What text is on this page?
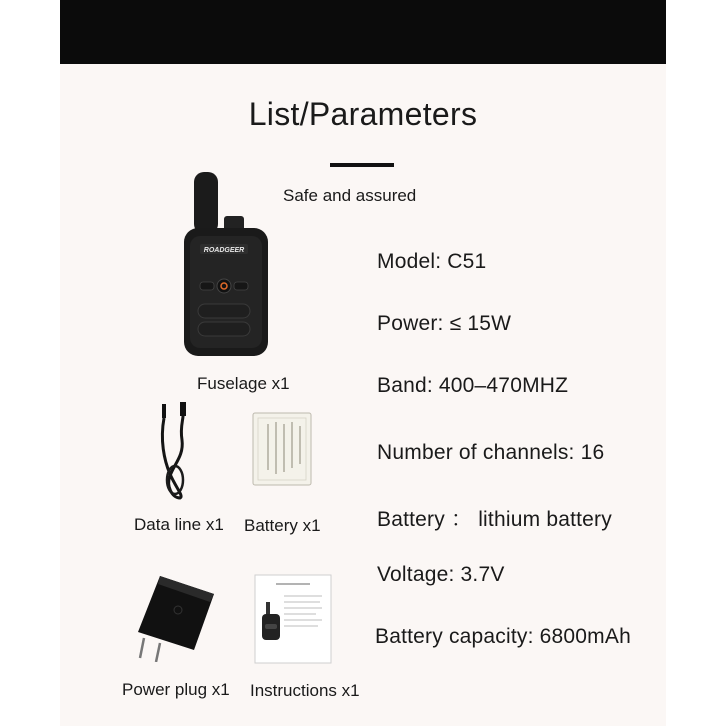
List/Parameters
Safe and assured
ROADGEER
Fuselage x1
Data line x1 Battery x1
Power plug x1 Instructions x1
Model: C51
Power: ≤ 15W
Band: 400–470MHZ
Number of channels: 16
Battery ： lithium battery
Voltage: 3.7V
Battery capacity: 6800mAh
